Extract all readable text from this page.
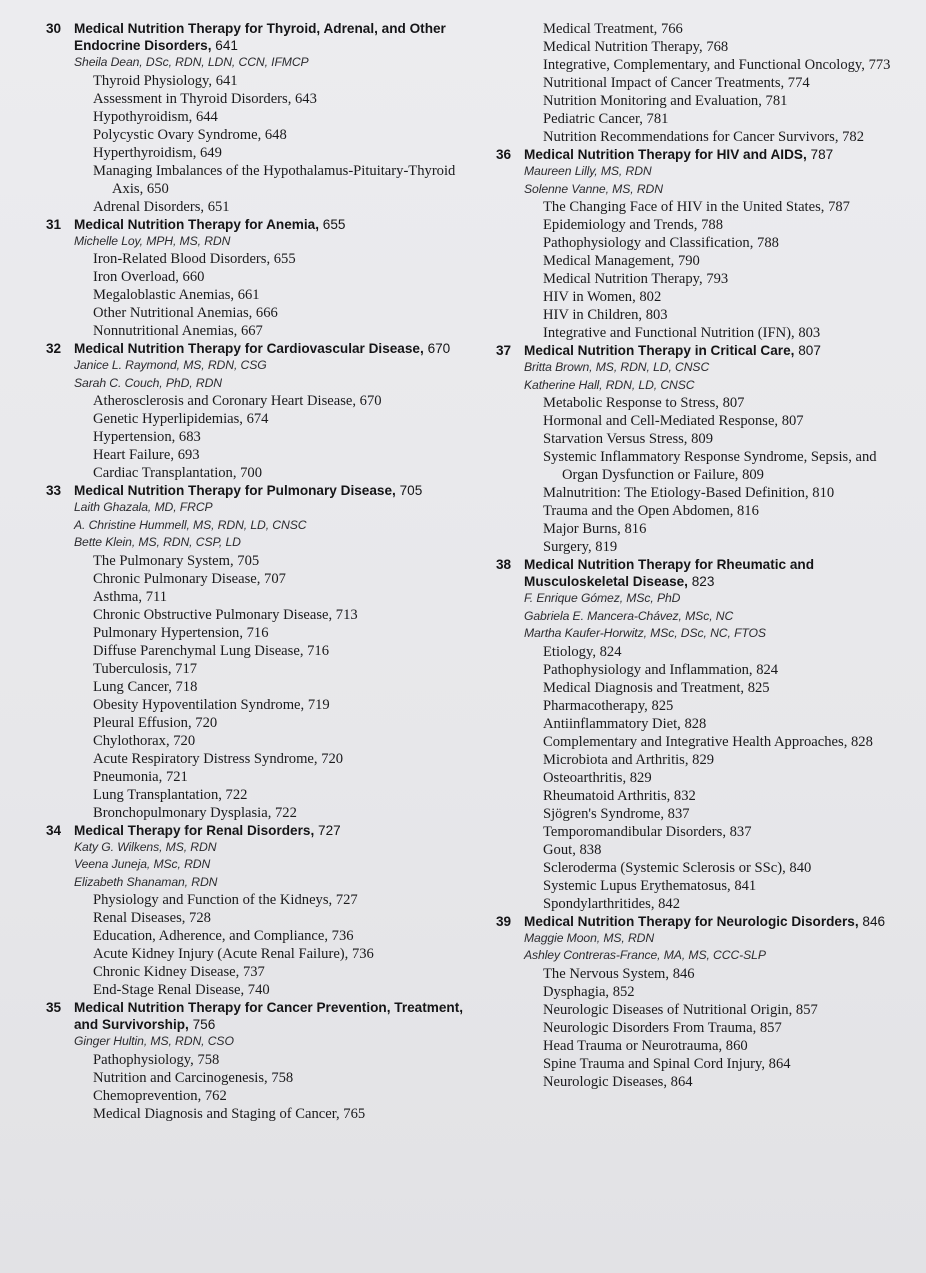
30 Medical Nutrition Therapy for Thyroid, Adrenal, and Other Endocrine Disorders, 641
Sheila Dean, DSc, RDN, LDN, CCN, IFMCP
Thyroid Physiology, 641
Assessment in Thyroid Disorders, 643
Hypothyroidism, 644
Polycystic Ovary Syndrome, 648
Hyperthyroidism, 649
Managing Imbalances of the Hypothalamus-Pituitary-Thyroid Axis, 650
Adrenal Disorders, 651
31 Medical Nutrition Therapy for Anemia, 655
Michelle Loy, MPH, MS, RDN
Iron-Related Blood Disorders, 655
Iron Overload, 660
Megaloblastic Anemias, 661
Other Nutritional Anemias, 666
Nonnutritional Anemias, 667
32 Medical Nutrition Therapy for Cardiovascular Disease, 670
Janice L. Raymond, MS, RDN, CSG
Sarah C. Couch, PhD, RDN
Atherosclerosis and Coronary Heart Disease, 670
Genetic Hyperlipidemias, 674
Hypertension, 683
Heart Failure, 693
Cardiac Transplantation, 700
33 Medical Nutrition Therapy for Pulmonary Disease, 705
Laith Ghazala, MD, FRCP
A. Christine Hummell, MS, RDN, LD, CNSC
Bette Klein, MS, RDN, CSP, LD
The Pulmonary System, 705
Chronic Pulmonary Disease, 707
Asthma, 711
Chronic Obstructive Pulmonary Disease, 713
Pulmonary Hypertension, 716
Diffuse Parenchymal Lung Disease, 716
Tuberculosis, 717
Lung Cancer, 718
Obesity Hypoventilation Syndrome, 719
Pleural Effusion, 720
Chylothorax, 720
Acute Respiratory Distress Syndrome, 720
Pneumonia, 721
Lung Transplantation, 722
Bronchopulmonary Dysplasia, 722
34 Medical Therapy for Renal Disorders, 727
Katy G. Wilkens, MS, RDN
Veena Juneja, MSc, RDN
Elizabeth Shanaman, RDN
Physiology and Function of the Kidneys, 727
Renal Diseases, 728
Education, Adherence, and Compliance, 736
Acute Kidney Injury (Acute Renal Failure), 736
Chronic Kidney Disease, 737
End-Stage Renal Disease, 740
35 Medical Nutrition Therapy for Cancer Prevention, Treatment, and Survivorship, 756
Ginger Hultin, MS, RDN, CSO
Pathophysiology, 758
Nutrition and Carcinogenesis, 758
Chemoprevention, 762
Medical Diagnosis and Staging of Cancer, 765
Medical Treatment, 766
Medical Nutrition Therapy, 768
Integrative, Complementary, and Functional Oncology, 773
Nutritional Impact of Cancer Treatments, 774
Nutrition Monitoring and Evaluation, 781
Pediatric Cancer, 781
Nutrition Recommendations for Cancer Survivors, 782
36 Medical Nutrition Therapy for HIV and AIDS, 787
Maureen Lilly, MS, RDN
Solenne Vanne, MS, RDN
The Changing Face of HIV in the United States, 787
Epidemiology and Trends, 788
Pathophysiology and Classification, 788
Medical Management, 790
Medical Nutrition Therapy, 793
HIV in Women, 802
HIV in Children, 803
Integrative and Functional Nutrition (IFN), 803
37 Medical Nutrition Therapy in Critical Care, 807
Britta Brown, MS, RDN, LD, CNSC
Katherine Hall, RDN, LD, CNSC
Metabolic Response to Stress, 807
Hormonal and Cell-Mediated Response, 807
Starvation Versus Stress, 809
Systemic Inflammatory Response Syndrome, Sepsis, and Organ Dysfunction or Failure, 809
Malnutrition: The Etiology-Based Definition, 810
Trauma and the Open Abdomen, 816
Major Burns, 816
Surgery, 819
38 Medical Nutrition Therapy for Rheumatic and Musculoskeletal Disease, 823
F. Enrique Gómez, MSc, PhD
Gabriela E. Mancera-Chávez, MSc, NC
Martha Kaufer-Horwitz, MSc, DSc, NC, FTOS
Etiology, 824
Pathophysiology and Inflammation, 824
Medical Diagnosis and Treatment, 825
Pharmacotherapy, 825
Antiinflammatory Diet, 828
Complementary and Integrative Health Approaches, 828
Microbiota and Arthritis, 829
Osteoarthritis, 829
Rheumatoid Arthritis, 832
Sjögren's Syndrome, 837
Temporomandibular Disorders, 837
Gout, 838
Scleroderma (Systemic Sclerosis or SSc), 840
Systemic Lupus Erythematosus, 841
Spondylarthritides, 842
39 Medical Nutrition Therapy for Neurologic Disorders, 846
Maggie Moon, MS, RDN
Ashley Contreras-France, MA, MS, CCC-SLP
The Nervous System, 846
Dysphagia, 852
Neurologic Diseases of Nutritional Origin, 857
Neurologic Disorders From Trauma, 857
Head Trauma or Neurotrauma, 860
Spine Trauma and Spinal Cord Injury, 864
Neurologic Diseases, 864
